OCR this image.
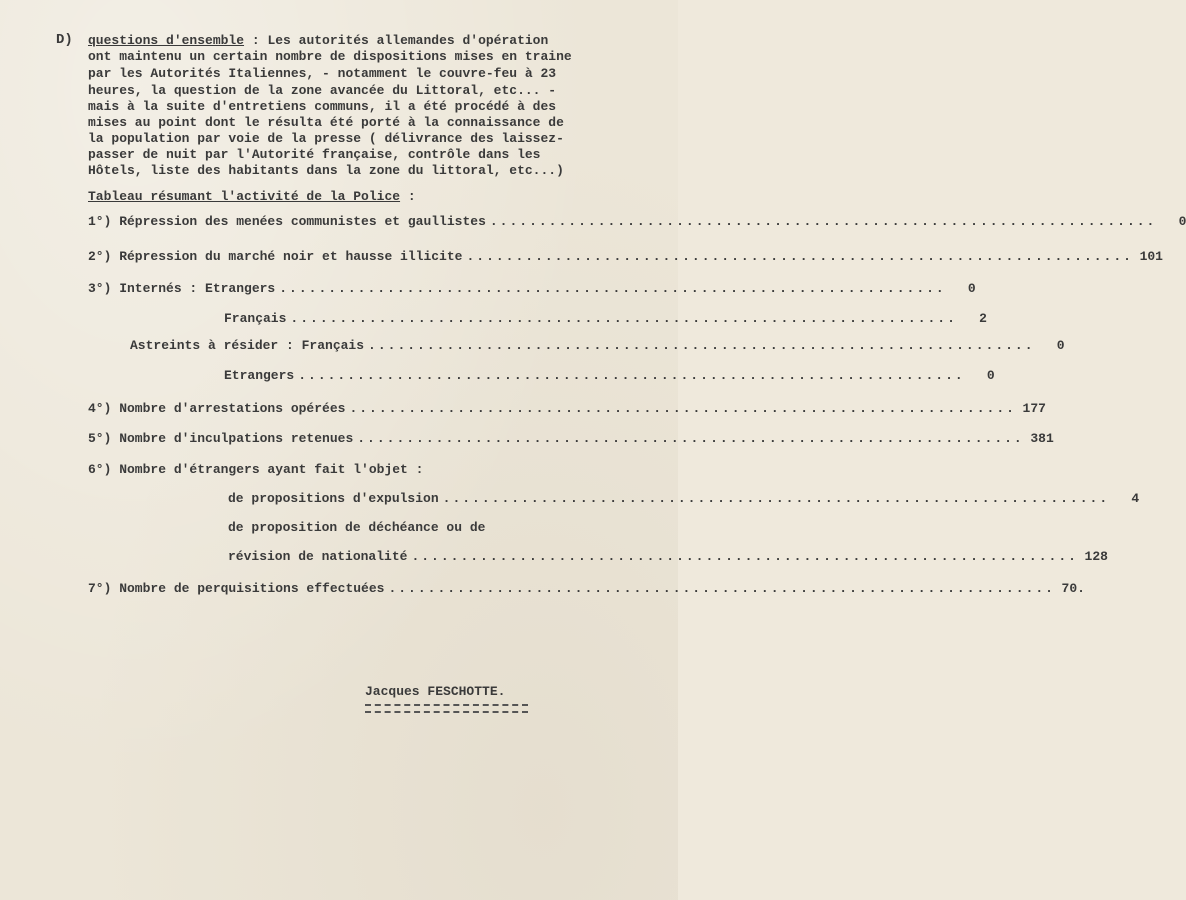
D) questions d'ensemble : Les autorités allemandes d'opération
ont maintenu un certain nombre de dispositions mises en traine
par les Autorités Italiennes, - notamment le couvre-feu à 23
heures, la question de la zone avancée du Littoral, etc... -
mais à la suite d'entretiens communs, il a été procédé à des
mises au point dont le résulta été porté à la connaissance de
la population par voie de la presse ( délivrance des laissez-
passer de nuit par l'Autorité française, contrôle dans les
Hôtels, liste des habitants dans la zone du littoral, etc...)
Tableau résumant l'activité de la Police :
1°) Répression des menées communistes et gaullistes ....................................................................	0
2°) Répression du marché noir et hausse illicite .................................................................... 101
3°) Internés : Etrangers ....................................................................	0
Français ....................................................................	2
Astreints à résider : Français ....................................................................	0
Etrangers ....................................................................	0
4°) Nombre d'arrestations opérées .................................................................... 177
5°) Nombre d'inculpations retenues .................................................................... 381
6°) Nombre d'étrangers ayant fait l'objet :
de propositions d'expulsion ....................................................................	4
de proposition de déchéance ou de
révision de nationalité .................................................................... 128
7°) Nombre de perquisitions effectuées .................................................................... 70.
Jacques FESCHOTTE.
